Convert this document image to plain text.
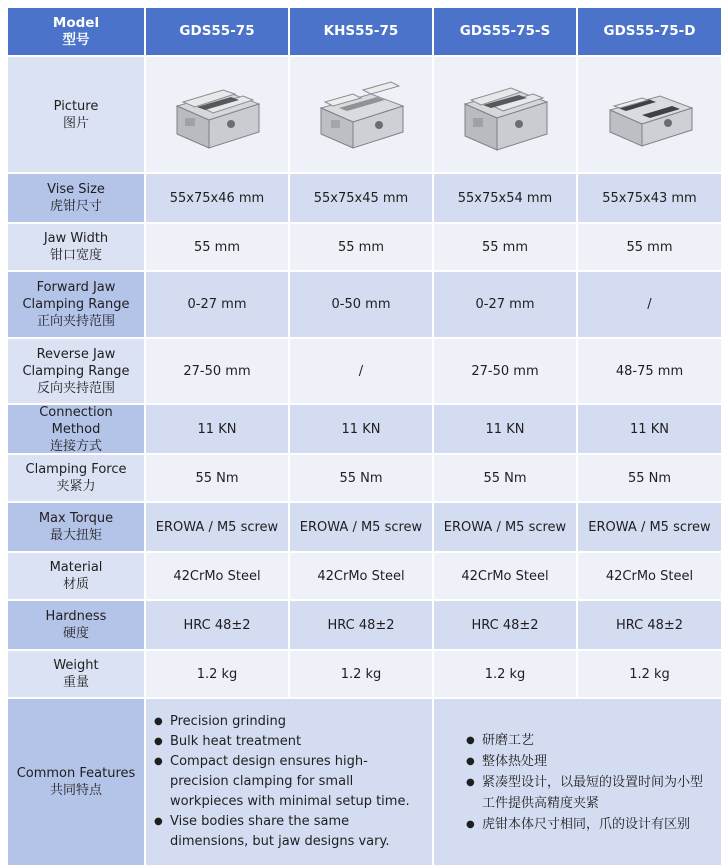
Model
型号
GDS55-75	KHS55-75	GDS55-75-S	GDS55-75-D
Picture
图片
Vise Size
虎钳尺寸
55x75x46 mm	55x75x45 mm	55x75x54 mm	55x75x43 mm
Jaw Width
钳口宽度
55 mm	55 mm	55 mm	55 mm
Forward Jaw
Clamping Range
正向夹持范围
0-27 mm	0-50 mm	0-27 mm	/
Reverse Jaw
Clamping Range
反向夹持范围
27-50 mm	/	27-50 mm	48-75 mm
Connection
Method
连接方式
11 KN	11 KN	11 KN	11 KN
Clamping Force
夹紧力
55 Nm	55 Nm	55 Nm	55 Nm
Max Torque
最大扭矩
EROWA / M5 screw	EROWA / M5 screw	EROWA / M5 screw	EROWA / M5 screw
Material
材质
42CrMo Steel	42CrMo Steel	42CrMo Steel	42CrMo Steel
Hardness
硬度
HRC 48±2	HRC 48±2	HRC 48±2	HRC 48±2
Weight
重量
1.2 kg	1.2 kg	1.2 kg	1.2 kg
Common Features
共同特点
● Precision grinding
● Bulk heat treatment
● Compact design ensures high-precision clamping for small workpieces with minimal setup time.
● Vise bodies share the same dimensions, but jaw designs vary.
● 研磨工艺
● 整体热处理
● 紧凑型设计，以最短的设置时间为小型工件提供高精度夹紧
● 虎钳本体尺寸相同，爪的设计有区别
